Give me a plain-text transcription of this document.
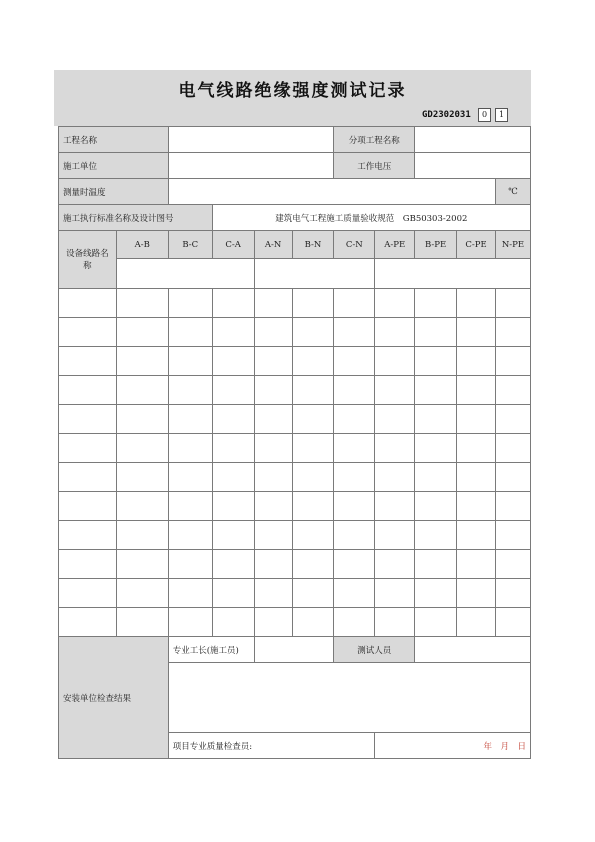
电气线路绝缘强度测试记录
GD2302031	0	1
工程名称						分项工程名称				
施工单位						工作电压				
测量时温度										℃
施工执行标准名称及设计图号			建筑电气工程施工质量验收规范　GB50303-2002							
设备线路名称	A-B	B-C	C-A	A-N	B-N	C-N	A-PE	B-PE	C-PE	N-PE

安装单位检查结果		专业工长(施工员)				测试人员				

		项目专业质量检查员:					年　月　日			
